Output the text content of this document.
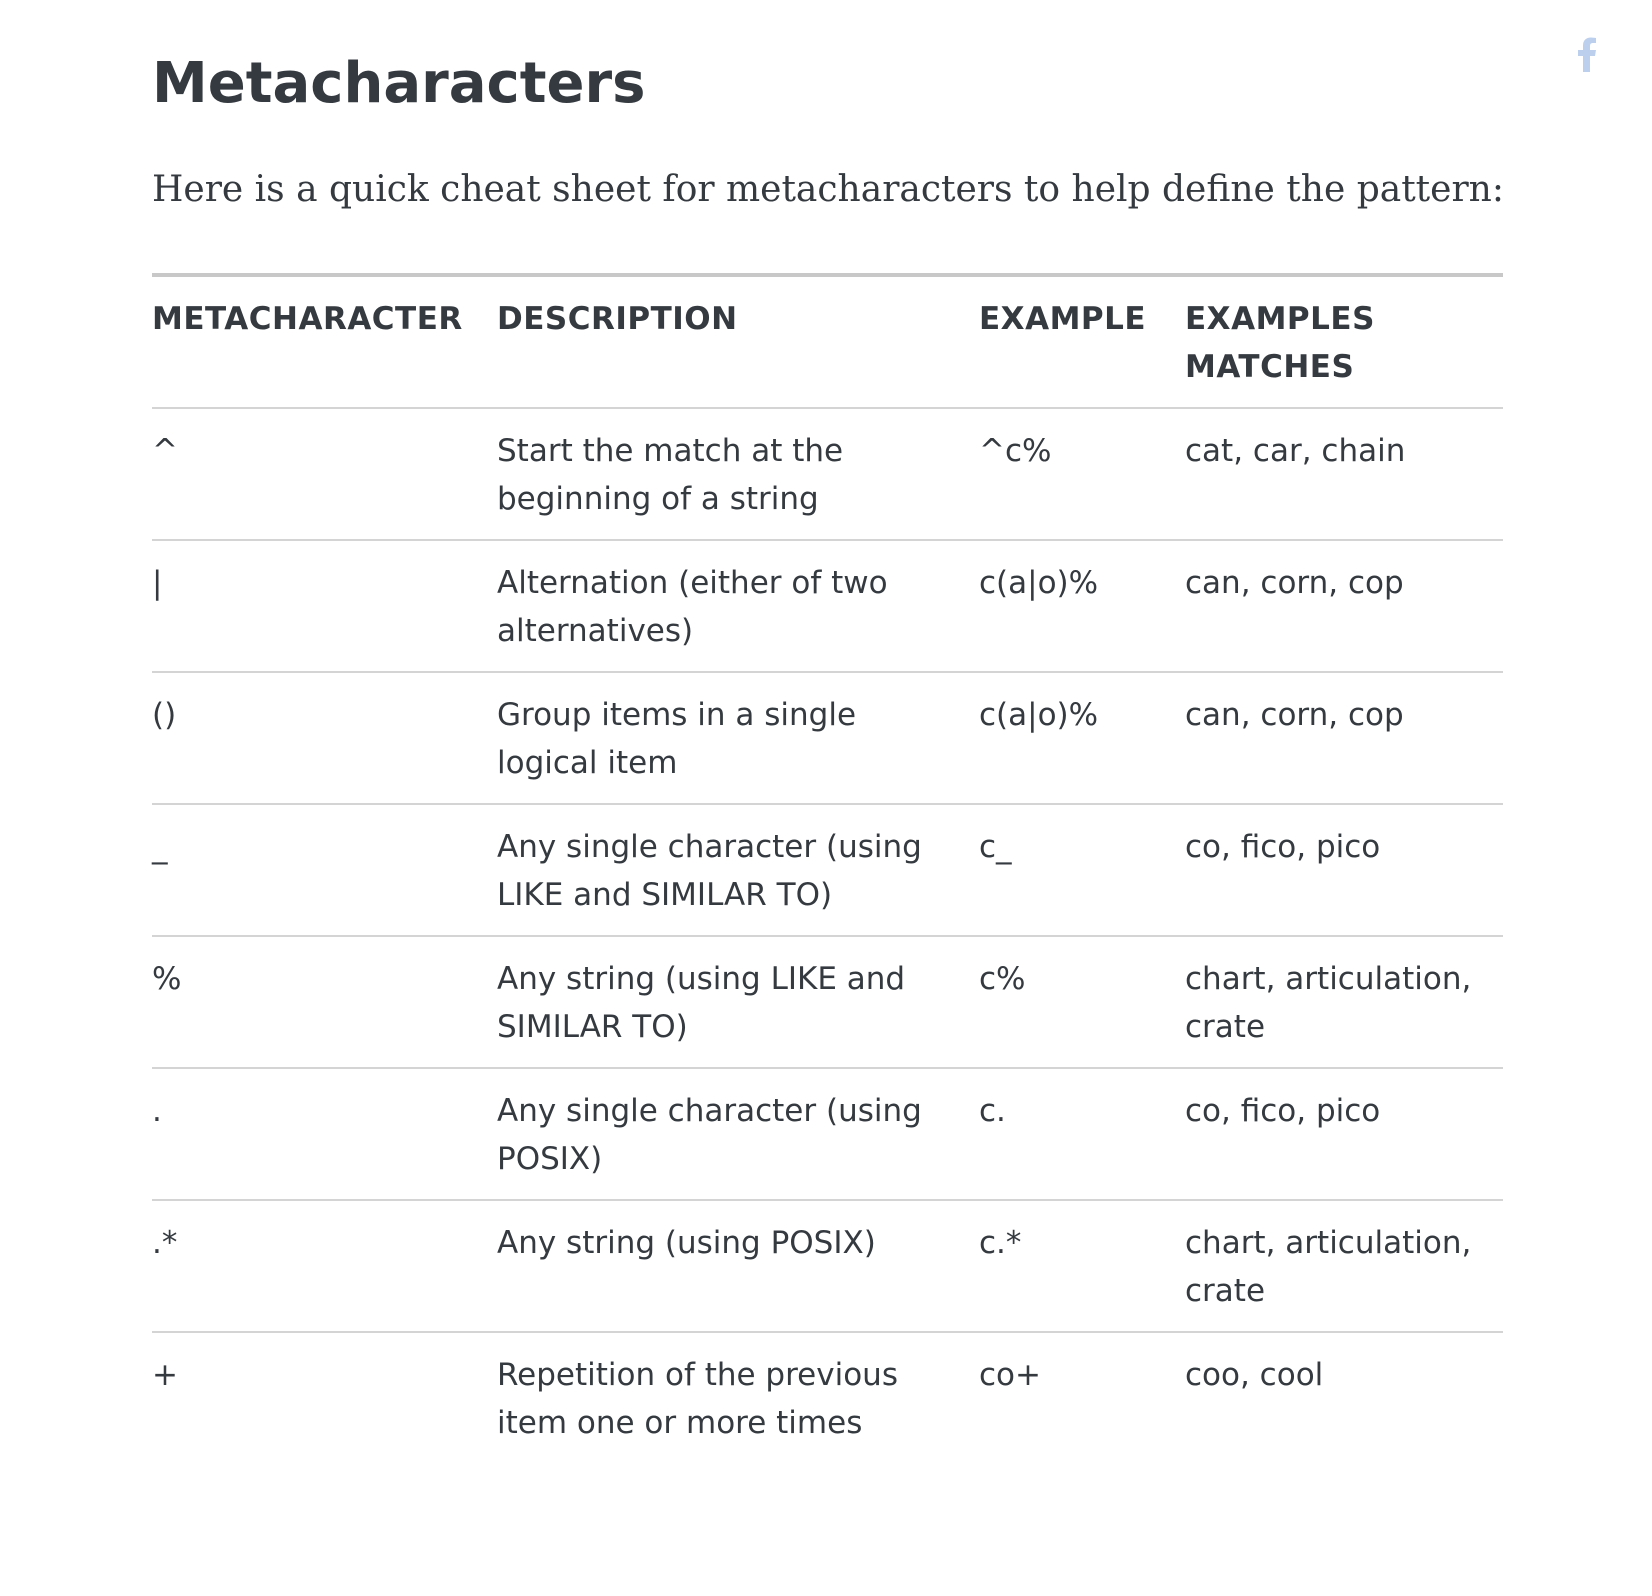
Metacharacters

Here is a quick cheat sheet for metacharacters to help define the pattern:

METACHARACTER	DESCRIPTION	EXAMPLE	EXAMPLES MATCHES
^	Start the match at the beginning of a string	^c%	cat, car, chain
|	Alternation (either of two alternatives)	c(a|o)%	can, corn, cop
()	Group items in a single logical item	c(a|o)%	can, corn, cop
_	Any single character (using LIKE and SIMILAR TO)	c_	co, fico, pico
%	Any string (using LIKE and SIMILAR TO)	c%	chart, articulation, crate
.	Any single character (using POSIX)	c.	co, fico, pico
.*	Any string (using POSIX)	c.*	chart, articulation, crate
+	Repetition of the previous item one or more times	co+	coo, cool
